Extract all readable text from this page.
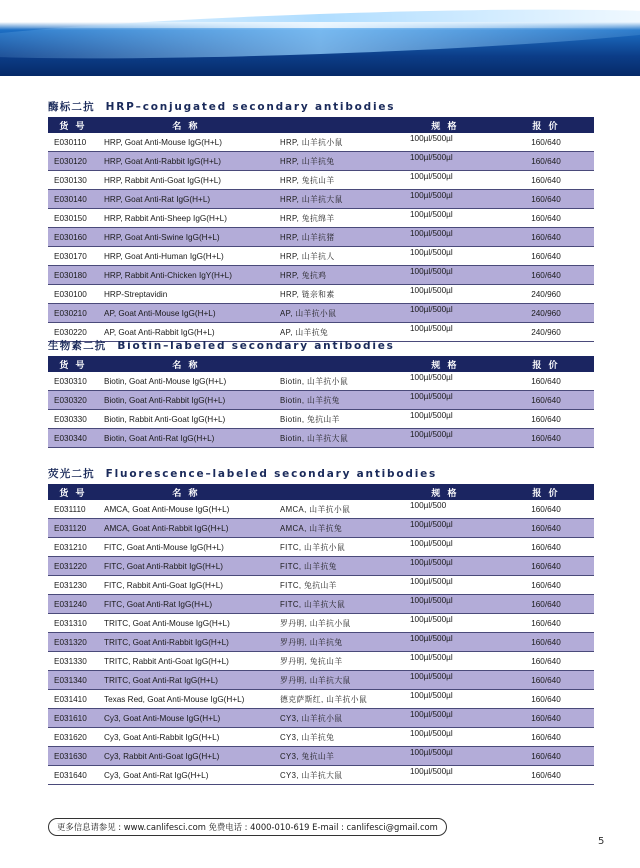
酶标二抗 HRP–conjugated secondary antibodies
货 号	名 称		规 格	报 价
E030110	HRP, Goat Anti-Mouse IgG(H+L)	HRP, 山羊抗小鼠	100µl/500µl	160/640
E030120	HRP, Goat Anti-Rabbit IgG(H+L)	HRP, 山羊抗兔	100µl/500µl	160/640
E030130	HRP, Rabbit Anti-Goat IgG(H+L)	HRP, 兔抗山羊	100µl/500µl	160/640
E030140	HRP, Goat Anti-Rat IgG(H+L)	HRP, 山羊抗大鼠	100µl/500µl	160/640
E030150	HRP, Rabbit Anti-Sheep IgG(H+L)	HRP, 兔抗绵羊	100µl/500µl	160/640
E030160	HRP, Goat Anti-Swine IgG(H+L)	HRP, 山羊抗猪	100µl/500µl	160/640
E030170	HRP, Goat Anti-Human IgG(H+L)	HRP, 山羊抗人	100µl/500µl	160/640
E030180	HRP, Rabbit Anti-Chicken IgY(H+L)	HRP, 兔抗鸡	100µl/500µl	160/640
E030100	HRP-Streptavidin	HRP, 链亲和素	100µl/500µl	240/960
E030210	AP, Goat Anti-Mouse IgG(H+L)	AP, 山羊抗小鼠	100µl/500µl	240/960
E030220	AP, Goat Anti-Rabbit IgG(H+L)	AP, 山羊抗兔	100µl/500µl	240/960
生物素二抗 Biotin–labeled secondary antibodies
货 号	名 称		规 格	报 价
E030310	Biotin, Goat Anti-Mouse IgG(H+L)	Biotin, 山羊抗小鼠	100µl/500µl	160/640
E030320	Biotin, Goat Anti-Rabbit IgG(H+L)	Biotin, 山羊抗兔	100µl/500µl	160/640
E030330	Biotin, Rabbit Anti-Goat IgG(H+L)	Biotin, 兔抗山羊	100µl/500µl	160/640
E030340	Biotin, Goat Anti-Rat IgG(H+L)	Biotin, 山羊抗大鼠	100µl/500µl	160/640
荧光二抗 Fluorescence–labeled secondary antibodies
货 号	名 称		规 格	报 价
E031110	AMCA, Goat Anti-Mouse IgG(H+L)	AMCA, 山羊抗小鼠	100µl/500	160/640
E031120	AMCA, Goat Anti-Rabbit IgG(H+L)	AMCA, 山羊抗兔	100µl/500µl	160/640
E031210	FITC, Goat Anti-Mouse IgG(H+L)	FITC, 山羊抗小鼠	100µl/500µl	160/640
E031220	FITC, Goat Anti-Rabbit IgG(H+L)	FITC, 山羊抗兔	100µl/500µl	160/640
E031230	FITC, Rabbit Anti-Goat IgG(H+L)	FITC, 兔抗山羊	100µl/500µl	160/640
E031240	FITC, Goat Anti-Rat IgG(H+L)	FITC, 山羊抗大鼠	100µl/500µl	160/640
E031310	TRITC, Goat Anti-Mouse IgG(H+L)	罗丹明, 山羊抗小鼠	100µl/500µl	160/640
E031320	TRITC, Goat Anti-Rabbit IgG(H+L)	罗丹明, 山羊抗兔	100µl/500µl	160/640
E031330	TRITC, Rabbit Anti-Goat IgG(H+L)	罗丹明, 兔抗山羊	100µl/500µl	160/640
E031340	TRITC, Goat Anti-Rat IgG(H+L)	罗丹明, 山羊抗大鼠	100µl/500µl	160/640
E031410	Texas Red, Goat Anti-Mouse IgG(H+L)	德克萨斯红, 山羊抗小鼠	100µl/500µl	160/640
E031610	Cy3, Goat Anti-Mouse IgG(H+L)	CY3, 山羊抗小鼠	100µl/500µl	160/640
E031620	Cy3, Goat Anti-Rabbit IgG(H+L)	CY3, 山羊抗兔	100µl/500µl	160/640
E031630	Cy3, Rabbit Anti-Goat IgG(H+L)	CY3, 兔抗山羊	100µl/500µl	160/640
E031640	Cy3, Goat Anti-Rat IgG(H+L)	CY3, 山羊抗大鼠	100µl/500µl	160/640
更多信息请参见 : www.canlifesci.com 免费电话 : 4000-010-619 E-mail : canlifesci@gmail.com
5
